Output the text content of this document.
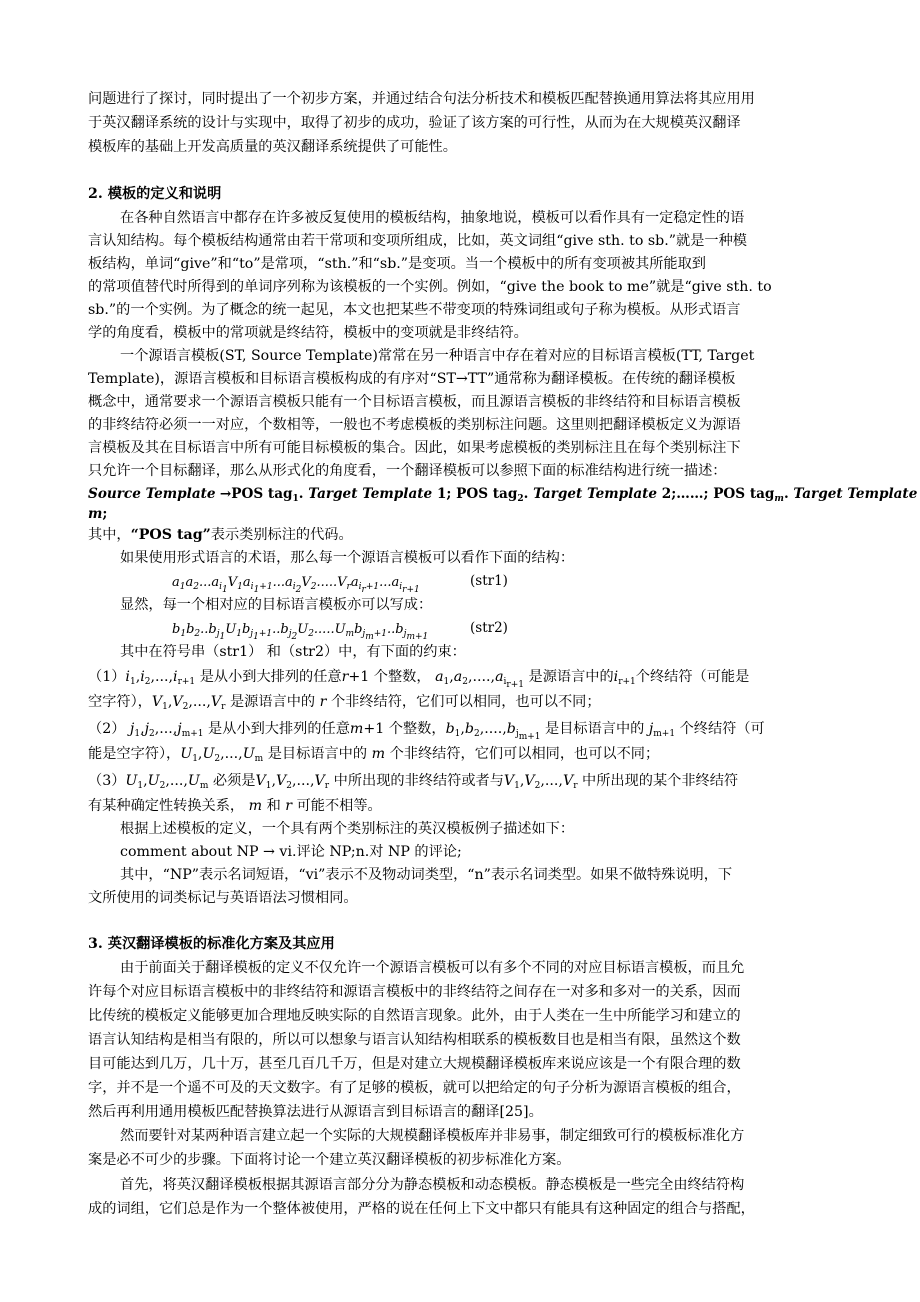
问题进行了探讨，同时提出了一个初步方案，并通过结合句法分析技术和模板匹配替换通用算法将其应用用
于英汉翻译系统的设计与实现中，取得了初步的成功，验证了该方案的可行性，从而为在大规模英汉翻译
模板库的基础上开发高质量的英汉翻译系统提供了可能性。
2. 模板的定义和说明
在各种自然语言中都存在许多被反复使用的模板结构，抽象地说，模板可以看作具有一定稳定性的语
言认知结构。每个模板结构通常由若干常项和变项所组成，比如，英文词组“give sth. to sb.”就是一种模
板结构，单词“give”和“to”是常项，“sth.”和“sb.”是变项。当一个模板中的所有变项被其所能取到
的常项值替代时所得到的单词序列称为该模板的一个实例。例如，“give the book to me”就是“give sth. to
sb.”的一个实例。为了概念的统一起见，本文也把某些不带变项的特殊词组或句子称为模板。从形式语言
学的角度看，模板中的常项就是终结符，模板中的变项就是非终结符。
一个源语言模板(ST, Source Template)常常在另一种语言中存在着对应的目标语言模板(TT, Target
Template)，源语言模板和目标语言模板构成的有序对“ST→TT”通常称为翻译模板。在传统的翻译模板
概念中，通常要求一个源语言模板只能有一个目标语言模板，而且源语言模板的非终结符和目标语言模板
的非终结符必须一一对应，个数相等，一般也不考虑模板的类别标注问题。这里则把翻译模板定义为源语
言模板及其在目标语言中所有可能目标模板的集合。因此，如果考虑模板的类别标注且在每个类别标注下
只允许一个目标翻译，那么从形式化的角度看，一个翻译模板可以参照下面的标准结构进行统一描述：
Source Template →POS tag$_1$. Target Template 1; POS tag$_2$. Target Template 2;……; POS tag$_m$. Target Template
m;
其中，“POS tag”表示类别标注的代码。
如果使用形式语言的术语，那么每一个源语言模板可以看作下面的结构：
$a_1a_2...a_{i_1}V_1a_{i_1+1}...a_{i_2}V_2.....V_ra_{i_r+1}...a_{i_{r+1}}$
(str1)
显然，每一个相对应的目标语言模板亦可以写成：
$b_1b_2..b_{j_1}U_1b_{j_1+1}..b_{j_2}U_2.....U_mb_{j_m+1}..b_{j_{m+1}}$
(str2)
其中在符号串（str1） 和（str2）中，有下面的约束：
$(1)i_1,i_2,...,i_{r+1}$ 是从小到大排列的任意r+1 个整数， $a_1,a_2,....,a_{i_{r+1}}$ 是源语言中的$i_{r+1}$个终结符（可能是
空字符），$V_1,V_2,...,V_r$ 是源语言中的 r 个非终结符，它们可以相同，也可以不同；
（2） $j_1,j_2,...,j_{m+1}$ 是从小到大排列的任意m+1 个整数，$b_1,b_2,....,b_{j_{m+1}}$ 是目标语言中的 $j_{m+1}$ 个终结符（可
能是空字符），$U_1,U_2,...,U_m$ 是目标语言中的 m 个非终结符，它们可以相同，也可以不同；
$(3)U_1,U_2,...,U_m$ 必须是$V_1,V_2,...,V_r$ 中所出现的非终结符或者与$V_1,V_2,...,V_r$ 中所出现的某个非终结符
有某种确定性转换关系， m 和 r 可能不相等。
根据上述模板的定义，一个具有两个类别标注的英汉模板例子描述如下：
comment about NP → vi.评论 NP;n.对 NP 的评论;
其中，“NP”表示名词短语，“vi”表示不及物动词类型，“n”表示名词类型。如果不做特殊说明，下
文所使用的词类标记与英语语法习惯相同。
3. 英汉翻译模板的标准化方案及其应用
由于前面关于翻译模板的定义不仅允许一个源语言模板可以有多个不同的对应目标语言模板，而且允
许每个对应目标语言模板中的非终结符和源语言模板中的非终结符之间存在一对多和多对一的关系，因而
比传统的模板定义能够更加合理地反映实际的自然语言现象。此外，由于人类在一生中所能学习和建立的
语言认知结构是相当有限的，所以可以想象与语言认知结构相联系的模板数目也是相当有限，虽然这个数
目可能达到几万，几十万，甚至几百几千万，但是对建立大规模翻译模板库来说应该是一个有限合理的数
字，并不是一个遥不可及的天文数字。有了足够的模板，就可以把给定的句子分析为源语言模板的组合，
然后再利用通用模板匹配替换算法进行从源语言到目标语言的翻译[25]。
然而要针对某两种语言建立起一个实际的大规模翻译模板库并非易事，制定细致可行的模板标准化方
案是必不可少的步骤。下面将讨论一个建立英汉翻译模板的初步标准化方案。
首先，将英汉翻译模板根据其源语言部分分为静态模板和动态模板。静态模板是一些完全由终结符构
成的词组，它们总是作为一个整体被使用，严格的说在任何上下文中都只有能具有这种固定的组合与搭配，
